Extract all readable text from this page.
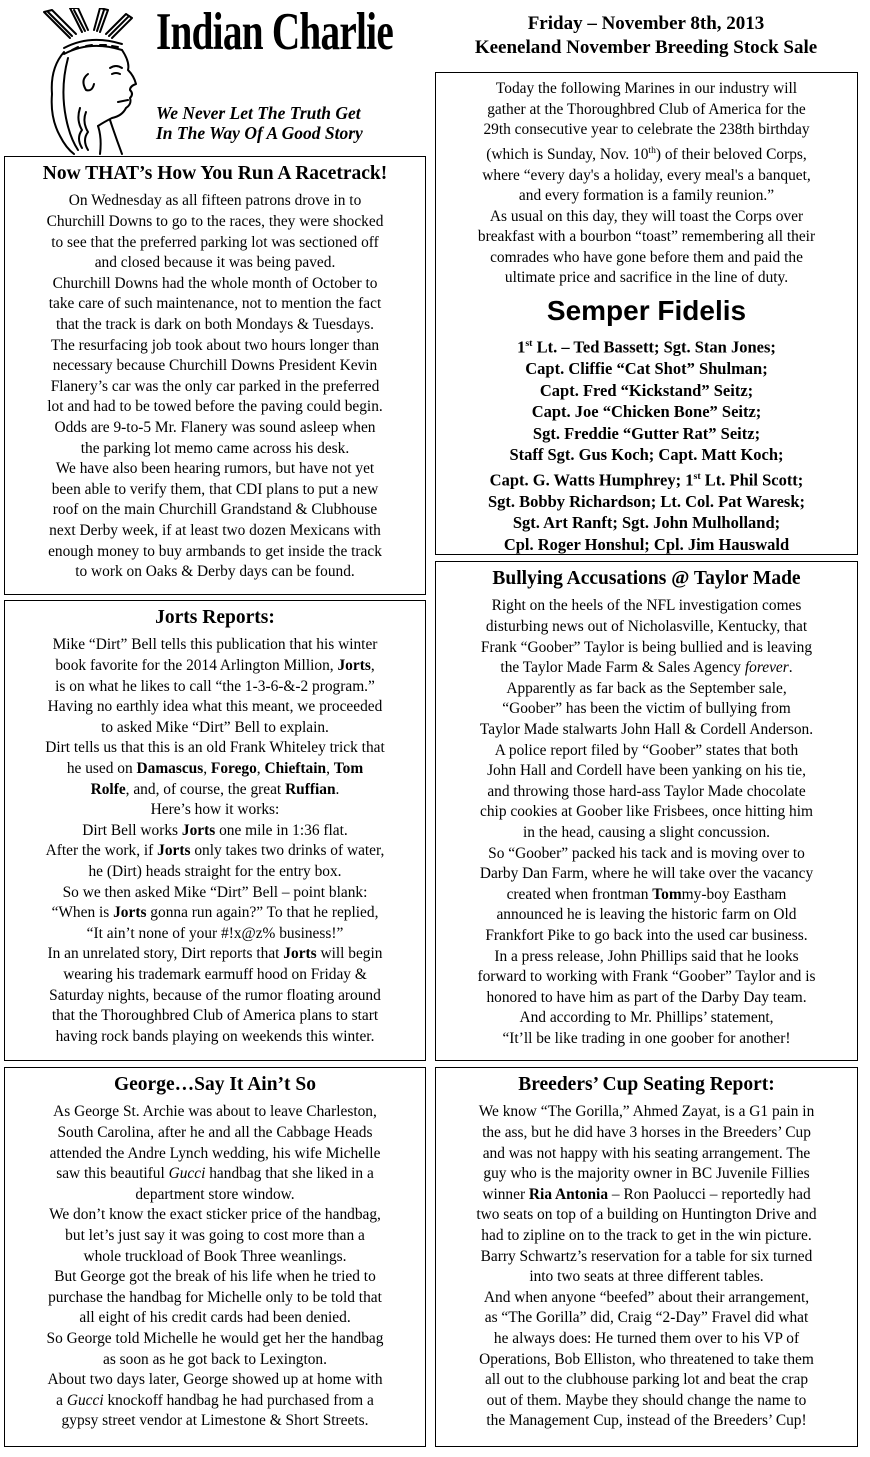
Indian Charlie
We Never Let The Truth Get
In The Way Of A Good Story
Friday – November 8th, 2013
Keeneland November Breeding Stock Sale
Now THAT’s How You Run A Racetrack!

On Wednesday as all fifteen patrons drove in to
Churchill Downs to go to the races, they were shocked
to see that the preferred parking lot was sectioned off
and closed because it was being paved.
Churchill Downs had the whole month of October to
take care of such maintenance, not to mention the fact
that the track is dark on both Mondays & Tuesdays.
The resurfacing job took about two hours longer than
necessary because Churchill Downs President Kevin
Flanery’s car was the only car parked in the preferred
lot and had to be towed before the paving could begin.
Odds are 9-to-5 Mr. Flanery was sound asleep when
the parking lot memo came across his desk.
We have also been hearing rumors, but have not yet
been able to verify them, that CDI plans to put a new
roof on the main Churchill Grandstand & Clubhouse
next Derby week, if at least two dozen Mexicans with
enough money to buy armbands to get inside the track
to work on Oaks & Derby days can be found.

Today the following Marines in our industry will
gather at the Thoroughbred Club of America for the
29th consecutive year to celebrate the 238th birthday
(which is Sunday, Nov. 10th) of their beloved Corps,
where “every day's a holiday, every meal's a banquet,
and every formation is a family reunion.”
As usual on this day, they will toast the Corps over
breakfast with a bourbon “toast” remembering all their
comrades who have gone before them and paid the
ultimate price and sacrifice in the line of duty.

Semper Fidelis
1st Lt. – Ted Bassett; Sgt. Stan Jones;
Capt. Cliffie “Cat Shot” Shulman;
Capt. Fred “Kickstand” Seitz;
Capt. Joe “Chicken Bone” Seitz;
Sgt. Freddie “Gutter Rat” Seitz;
Staff Sgt. Gus Koch; Capt. Matt Koch;
Capt. G. Watts Humphrey; 1st Lt. Phil Scott;
Sgt. Bobby Richardson; Lt. Col. Pat Waresk;
Sgt. Art Ranft; Sgt. John Mulholland;
Cpl. Roger Honshul; Cpl. Jim Hauswald
Jorts Reports:

Mike “Dirt” Bell tells this publication that his winter
book favorite for the 2014 Arlington Million, Jorts,
is on what he likes to call “the 1-3-6-&-2 program.”
Having no earthly idea what this meant, we proceeded
to asked Mike “Dirt” Bell to explain.
Dirt tells us that this is an old Frank Whiteley trick that
he used on Damascus, Forego, Chieftain, Tom
Rolfe, and, of course, the great Ruffian.
Here’s how it works:
Dirt Bell works Jorts one mile in 1:36 flat.
After the work, if Jorts only takes two drinks of water,
he (Dirt) heads straight for the entry box.
So we then asked Mike “Dirt” Bell – point blank:
“When is Jorts gonna run again?” To that he replied,
“It ain’t none of your #!x@z% business!”
In an unrelated story, Dirt reports that Jorts will begin
wearing his trademark earmuff hood on Friday &
Saturday nights, because of the rumor floating around
that the Thoroughbred Club of America plans to start
having rock bands playing on weekends this winter.

Bullying Accusations @ Taylor Made

Right on the heels of the NFL investigation comes
disturbing news out of Nicholasville, Kentucky, that
Frank “Goober” Taylor is being bullied and is leaving
the Taylor Made Farm & Sales Agency forever.
Apparently as far back as the September sale,
“Goober” has been the victim of bullying from
Taylor Made stalwarts John Hall & Cordell Anderson.
A police report filed by “Goober” states that both
John Hall and Cordell have been yanking on his tie,
and throwing those hard-ass Taylor Made chocolate
chip cookies at Goober like Frisbees, once hitting him
in the head, causing a slight concussion.
So “Goober” packed his tack and is moving over to
Darby Dan Farm, where he will take over the vacancy
created when frontman Tommy-boy Eastham
announced he is leaving the historic farm on Old
Frankfort Pike to go back into the used car business.
In a press release, John Phillips said that he looks
forward to working with Frank “Goober” Taylor and is
honored to have him as part of the Darby Day team.
And according to Mr. Phillips’ statement,
“It’ll be like trading in one goober for another!

George…Say It Ain’t So

As George St. Archie was about to leave Charleston,
South Carolina, after he and all the Cabbage Heads
attended the Andre Lynch wedding, his wife Michelle
saw this beautiful Gucci handbag that she liked in a
department store window.
We don’t know the exact sticker price of the handbag,
but let’s just say it was going to cost more than a
whole truckload of Book Three weanlings.
But George got the break of his life when he tried to
purchase the handbag for Michelle only to be told that
all eight of his credit cards had been denied.
So George told Michelle he would get her the handbag
as soon as he got back to Lexington.
About two days later, George showed up at home with
a Gucci knockoff handbag he had purchased from a
gypsy street vendor at Limestone & Short Streets.

Breeders’ Cup Seating Report:

We know “The Gorilla,” Ahmed Zayat, is a G1 pain in
the ass, but he did have 3 horses in the Breeders’ Cup
and was not happy with his seating arrangement. The
guy who is the majority owner in BC Juvenile Fillies
winner Ria Antonia – Ron Paolucci – reportedly had
two seats on top of a building on Huntington Drive and
had to zipline on to the track to get in the win picture.
Barry Schwartz’s reservation for a table for six turned
into two seats at three different tables.
And when anyone “beefed” about their arrangement,
as “The Gorilla” did, Craig “2-Day” Fravel did what
he always does: He turned them over to his VP of
Operations, Bob Elliston, who threatened to take them
all out to the clubhouse parking lot and beat the crap
out of them. Maybe they should change the name to
the Management Cup, instead of the Breeders’ Cup!
